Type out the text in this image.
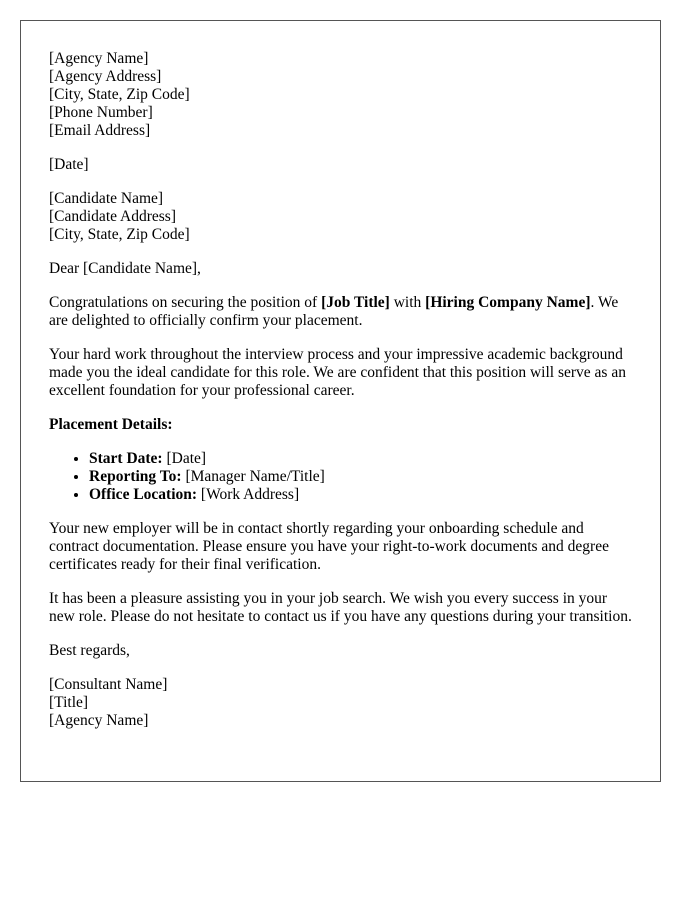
[Agency Name]
[Agency Address]
[City, State, Zip Code]
[Phone Number]
[Email Address]

[Date]

[Candidate Name]
[Candidate Address]
[City, State, Zip Code]

Dear [Candidate Name],

Congratulations on securing the position of [Job Title] with [Hiring Company Name]. We are delighted to officially confirm your placement.

Your hard work throughout the interview process and your impressive academic background made you the ideal candidate for this role. We are confident that this position will serve as an excellent foundation for your professional career.

Placement Details:
• Start Date: [Date]
• Reporting To: [Manager Name/Title]
• Office Location: [Work Address]

Your new employer will be in contact shortly regarding your onboarding schedule and contract documentation. Please ensure you have your right-to-work documents and degree certificates ready for their final verification.

It has been a pleasure assisting you in your job search. We wish you every success in your new role. Please do not hesitate to contact us if you have any questions during your transition.

Best regards,

[Consultant Name]
[Title]
[Agency Name]
